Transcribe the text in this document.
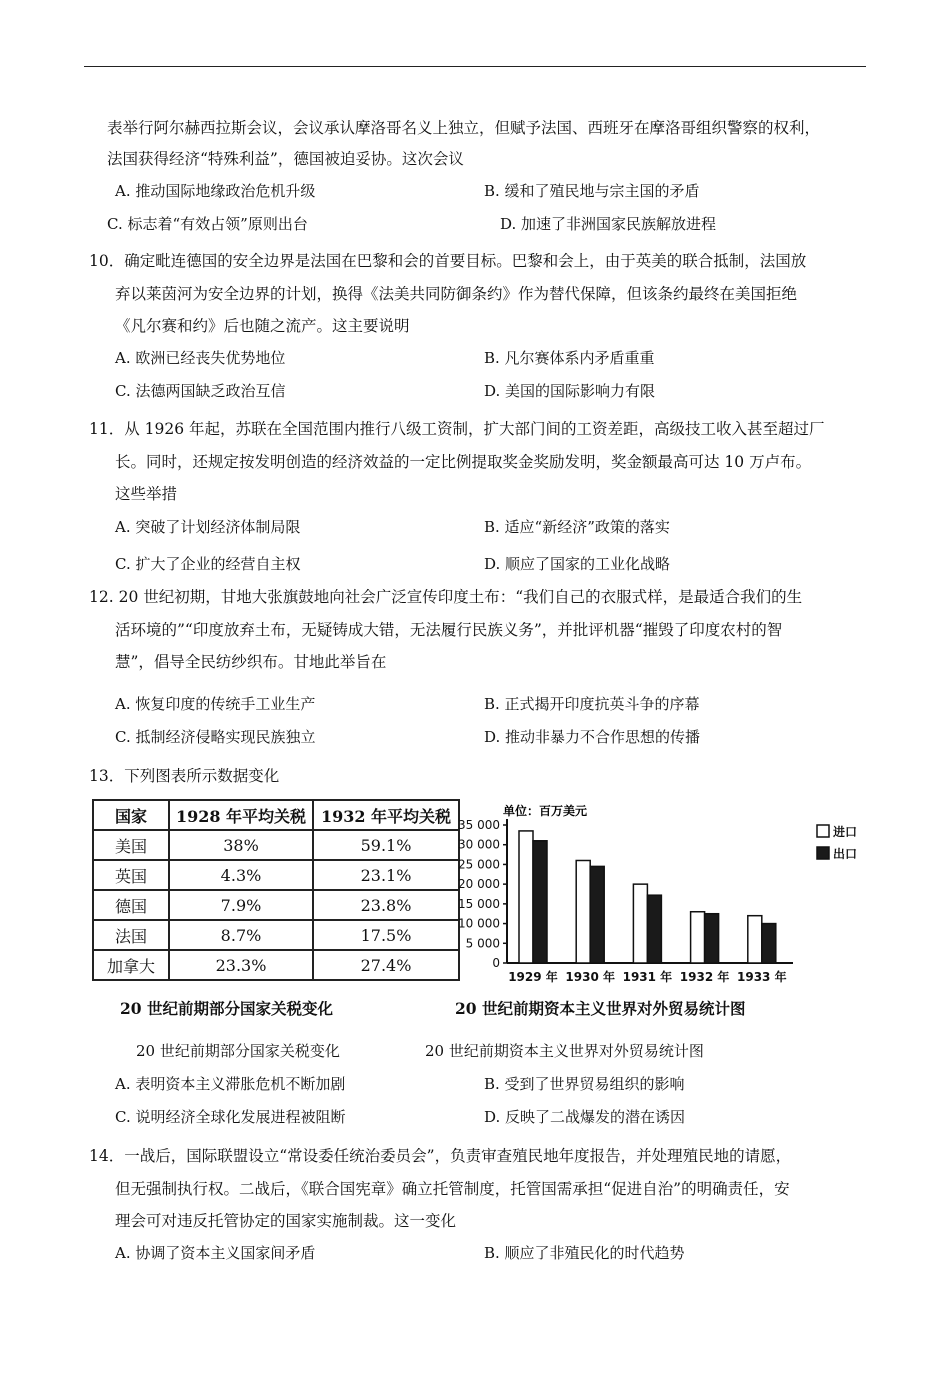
表举行阿尔赫西拉斯会议，会议承认摩洛哥名义上独立，但赋予法国、西班牙在摩洛哥组织警察的权利，
法国获得经济“特殊利益”，德国被迫妥协。这次会议
A. 推动国际地缘政治危机升级	B. 缓和了殖民地与宗主国的矛盾
C. 标志着“有效占领”原则出台	D. 加速了非洲国家民族解放进程
10．确定毗连德国的安全边界是法国在巴黎和会的首要目标。巴黎和会上，由于英美的联合抵制，法国放
弃以莱茵河为安全边界的计划，换得《法美共同防御条约》作为替代保障，但该条约最终在美国拒绝
《凡尔赛和约》后也随之流产。这主要说明
A. 欧洲已经丧失优势地位	B. 凡尔赛体系内矛盾重重
C. 法德两国缺乏政治互信	D. 美国的国际影响力有限
11．从 1926 年起，苏联在全国范围内推行八级工资制，扩大部门间的工资差距，高级技工收入甚至超过厂
长。同时，还规定按发明创造的经济效益的一定比例提取奖金奖励发明，奖金额最高可达 10 万卢布。
这些举措
A. 突破了计划经济体制局限	B. 适应“新经济”政策的落实
C. 扩大了企业的经营自主权	D. 顺应了国家的工业化战略
12. 20 世纪初期，甘地大张旗鼓地向社会广泛宣传印度土布：“我们自己的衣服式样，是最适合我们的生
活环境的”“印度放弃土布，无疑铸成大错，无法履行民族义务”，并批评机器“摧毁了印度农村的智
慧”，倡导全民纺纱织布。甘地此举旨在
A. 恢复印度的传统手工业生产	B. 正式揭开印度抗英斗争的序幕
C. 抵制经济侵略实现民族独立	D. 推动非暴力不合作思想的传播
13．下列图表所示数据变化
国家	1928 年平均关税	1932 年平均关税
美国	38%	59.1%
英国	4.3%	23.1%
德国	7.9%	23.8%
法国	8.7%	17.5%
加拿大	23.3%	27.4%
20 世纪前期部分国家关税变化
单位：百万美元
0
5 000
10 000
15 000
20 000
25 000
30 000
35 000
1929 年 1930 年 1931 年 1932 年 1933 年
进口
出口
20 世纪前期资本主义世界对外贸易统计图
20 世纪前期部分国家关税变化	20 世纪前期资本主义世界对外贸易统计图
A. 表明资本主义滞胀危机不断加剧	B. 受到了世界贸易组织的影响
C. 说明经济全球化发展进程被阻断	D. 反映了二战爆发的潜在诱因
14．一战后，国际联盟设立“常设委任统治委员会”，负责审查殖民地年度报告，并处理殖民地的请愿，
但无强制执行权。二战后，《联合国宪章》确立托管制度，托管国需承担“促进自治”的明确责任，安
理会可对违反托管协定的国家实施制裁。这一变化
A. 协调了资本主义国家间矛盾	B. 顺应了非殖民化的时代趋势
